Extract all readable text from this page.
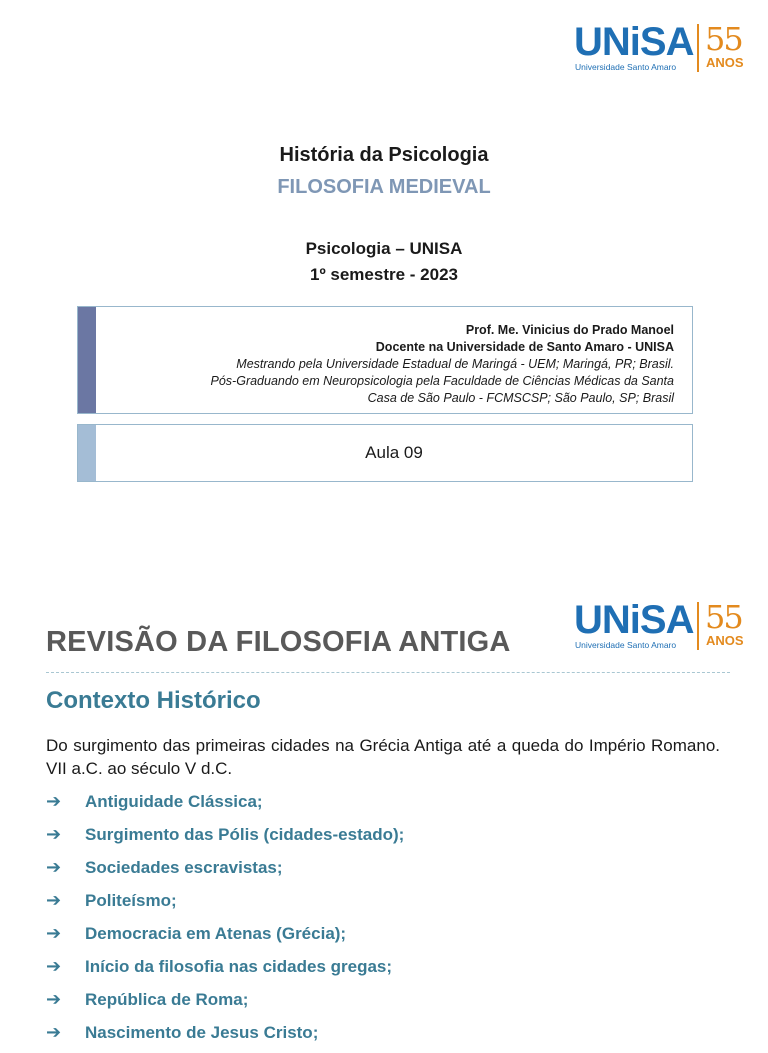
UNiSA
Universidade Santo Amaro
55
ANOS
História da Psicologia
FILOSOFIA MEDIEVAL
Psicologia – UNISA
1º semestre - 2023
Prof. Me. Vinicius do Prado Manoel
Docente na Universidade de Santo Amaro - UNISA
Mestrando pela Universidade Estadual de Maringá - UEM; Maringá, PR; Brasil.
Pós-Graduando em Neuropsicologia pela Faculdade de Ciências Médicas da Santa
Casa de São Paulo - FCMSCSP; São Paulo, SP; Brasil
Aula 09
UNiSA
Universidade Santo Amaro
55
ANOS
REVISÃO DA FILOSOFIA ANTIGA
Contexto Histórico
Do surgimento das primeiras cidades na Grécia Antiga até a queda do Império Romano. VII a.C. ao século V d.C.
➔ Antiguidade Clássica;
➔ Surgimento das Pólis (cidades-estado);
➔ Sociedades escravistas;
➔ Politeísmo;
➔ Democracia em Atenas (Grécia);
➔ Início da filosofia nas cidades gregas;
➔ República de Roma;
➔ Nascimento de Jesus Cristo;
